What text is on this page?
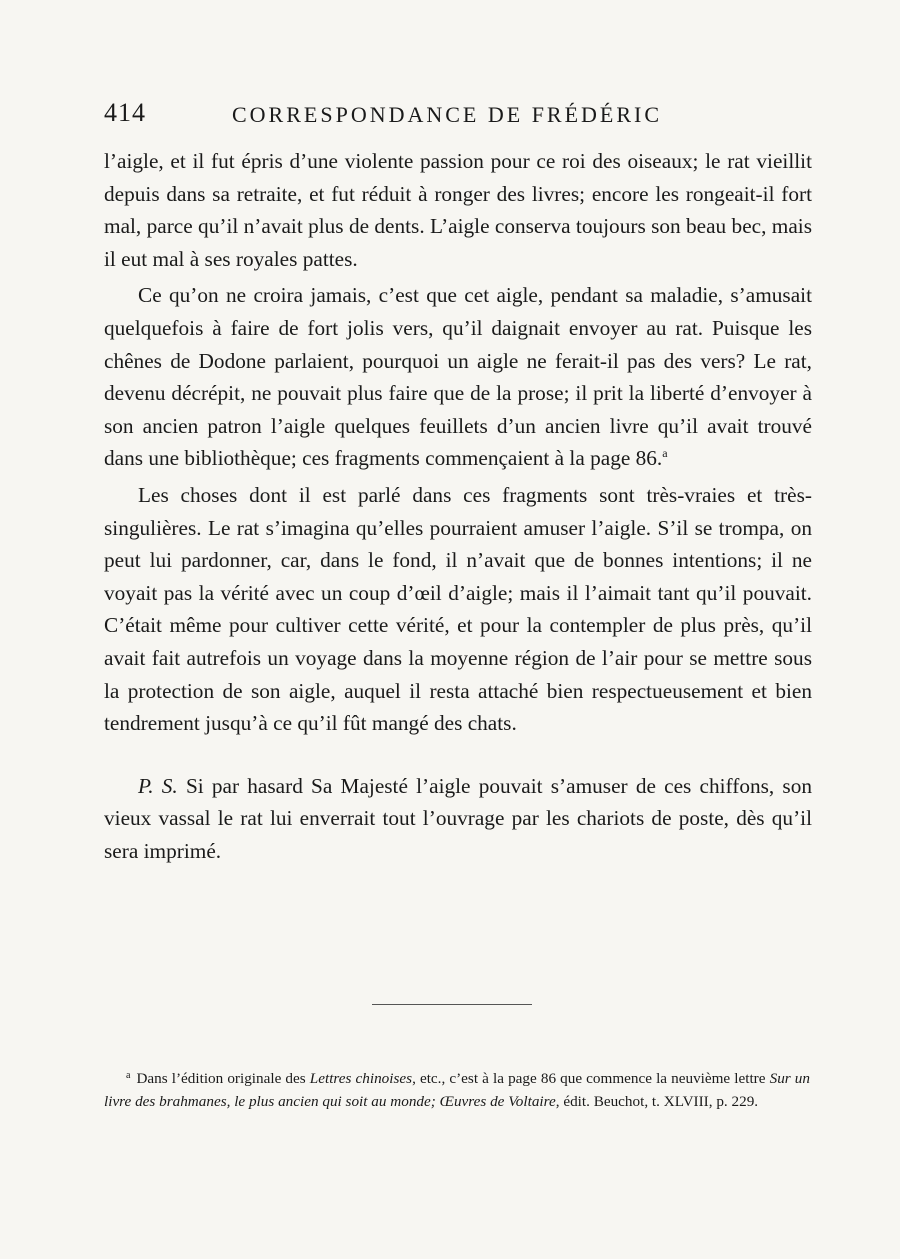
414	CORRESPONDANCE DE FRÉDÉRIC

l’aigle, et il fut épris d’une violente passion pour ce roi des oiseaux; le rat vieillit depuis dans sa retraite, et fut réduit à ronger des livres; encore les rongeait-il fort mal, parce qu’il n’avait plus de dents. L’aigle conserva toujours son beau bec, mais il eut mal à ses royales pattes.

Ce qu’on ne croira jamais, c’est que cet aigle, pendant sa maladie, s’amusait quelquefois à faire de fort jolis vers, qu’il daignait envoyer au rat. Puisque les chênes de Dodone parlaient, pourquoi un aigle ne ferait-il pas des vers? Le rat, devenu décrépit, ne pouvait plus faire que de la prose; il prit la liberté d’envoyer à son ancien patron l’aigle quelques feuillets d’un ancien livre qu’il avait trouvé dans une bibliothèque; ces fragments commençaient à la page 86.$^a$

Les choses dont il est parlé dans ces fragments sont très-vraies et très-singulières. Le rat s’imagina qu’elles pourraient amuser l’aigle. S’il se trompa, on peut lui pardonner, car, dans le fond, il n’avait que de bonnes intentions; il ne voyait pas la vérité avec un coup d’œil d’aigle; mais il l’aimait tant qu’il pouvait. C’était même pour cultiver cette vérité, et pour la contempler de plus près, qu’il avait fait autrefois un voyage dans la moyenne région de l’air pour se mettre sous la protection de son aigle, auquel il resta attaché bien respectueusement et bien tendrement jusqu’à ce qu’il fût mangé des chats.

P. S. Si par hasard Sa Majesté l’aigle pouvait s’amuser de ces chiffons, son vieux vassal le rat lui enverrait tout l’ouvrage par les chariots de poste, dès qu’il sera imprimé.

$^a$ Dans l’édition originale des Lettres chinoises, etc., c’est à la page 86 que commence la neuvième lettre Sur un livre des brahmanes, le plus ancien qui soit au monde; Œuvres de Voltaire, édit. Beuchot, t. XLVIII, p. 229.
